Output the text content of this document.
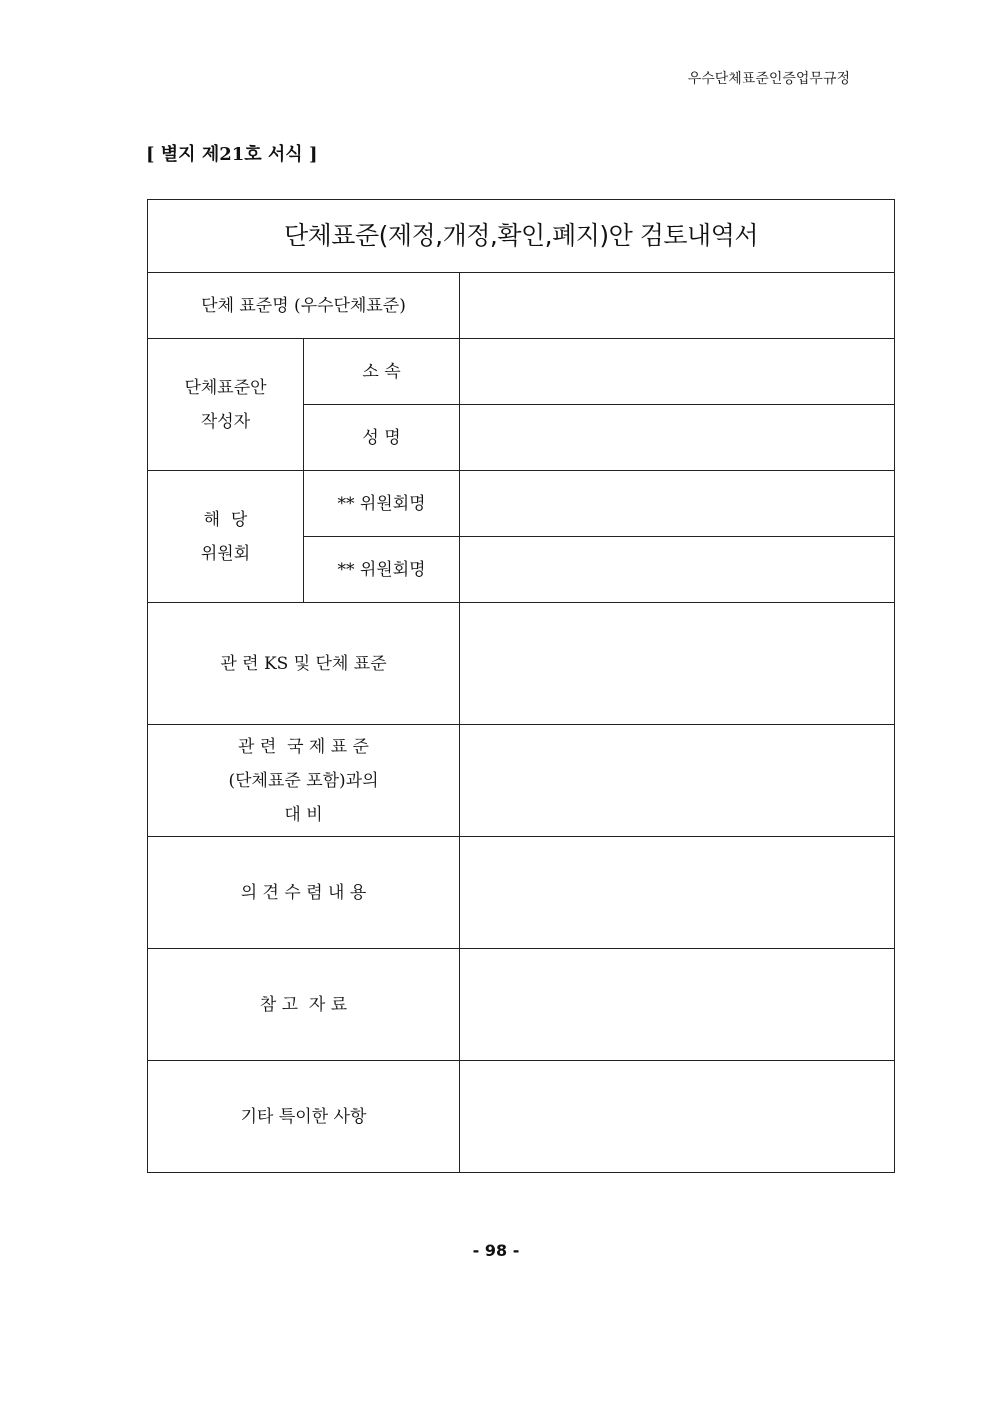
우수단체표준인증업무규정
[ 별지 제21호 서식 ]
단체표준(제정,개정,확인,폐지)안 검토내역서		
단체 표준명 (우수단체표준)		

단체표준안
작성자	소 속	
	성 명	

해  당
위원회	** 위원회명	
	** 위원회명	
관 련 KS 및 단체 표준		

관 련  국 제 표 준
(단체표준 포함)과의
대 비		

의 견 수 렴 내 용		
참 고  자 료		
기타 특이한 사항		
- 98 -
